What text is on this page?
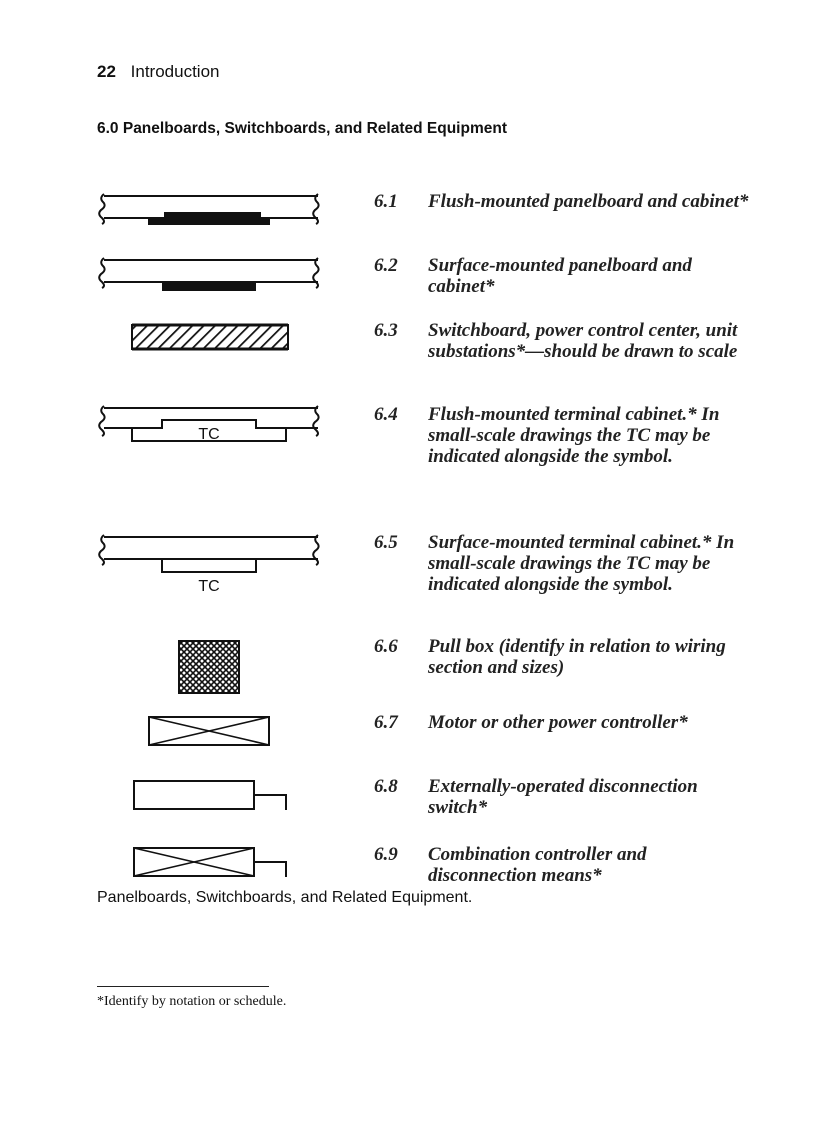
22 Introduction
6.0 Panelboards, Switchboards, and Related Equipment
6.1 Flush-mounted panelboard and cabinet*
6.2 Surface-mounted panelboard and cabinet*
6.3 Switchboard, power control center, unit substations*—should be drawn to scale
TC
6.4 Flush-mounted terminal cabinet.* In small-scale drawings the TC may be indicated alongside the symbol.
TC
6.5 Surface-mounted terminal cabinet.* In small-scale drawings the TC may be indicated alongside the symbol.
6.6 Pull box (identify in relation to wiring section and sizes)
6.7 Motor or other power controller*
6.8 Externally-operated disconnection switch*
6.9 Combination controller and disconnection means*
Panelboards, Switchboards, and Related Equipment.
*Identify by notation or schedule.
